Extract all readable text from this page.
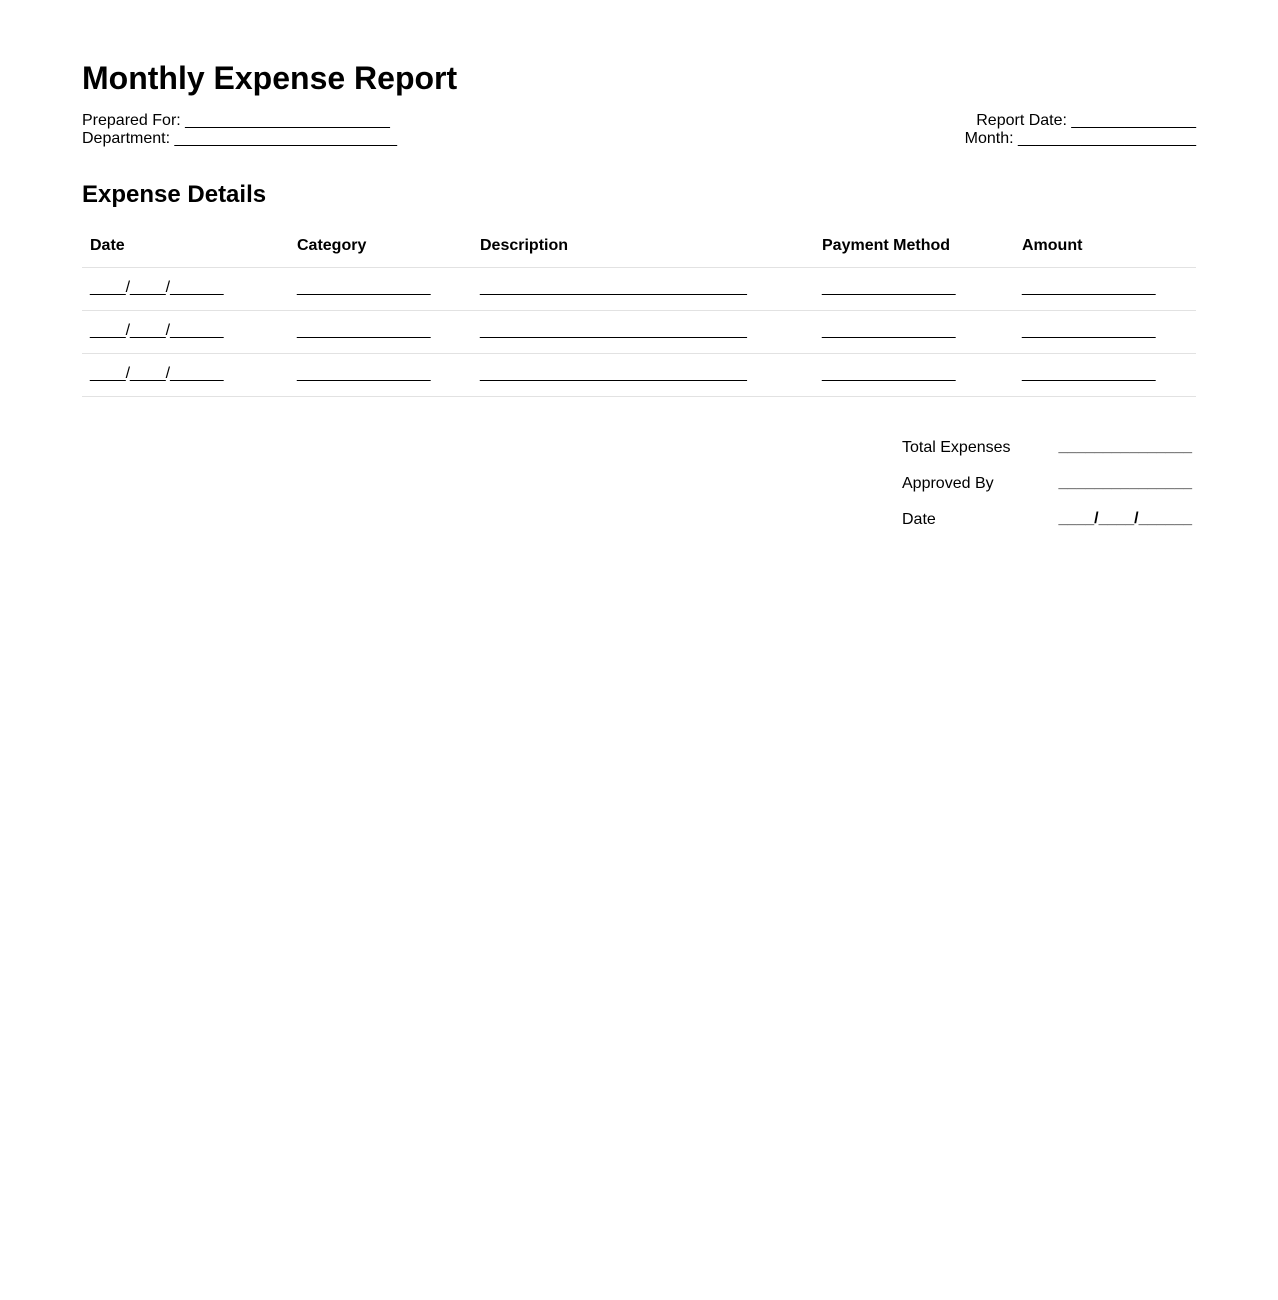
Monthly Expense Report
Prepared For: _______________________
Department: _________________________
Report Date: ______________
Month: ____________________
Expense Details
Date	Category	Description	Payment Method	Amount
____/____/______	_______________	______________________________	_______________	_______________
____/____/______	_______________	______________________________	_______________	_______________
____/____/______	_______________	______________________________	_______________	_______________
Total Expenses	_______________
Approved By	_______________
Date	____/____/______
